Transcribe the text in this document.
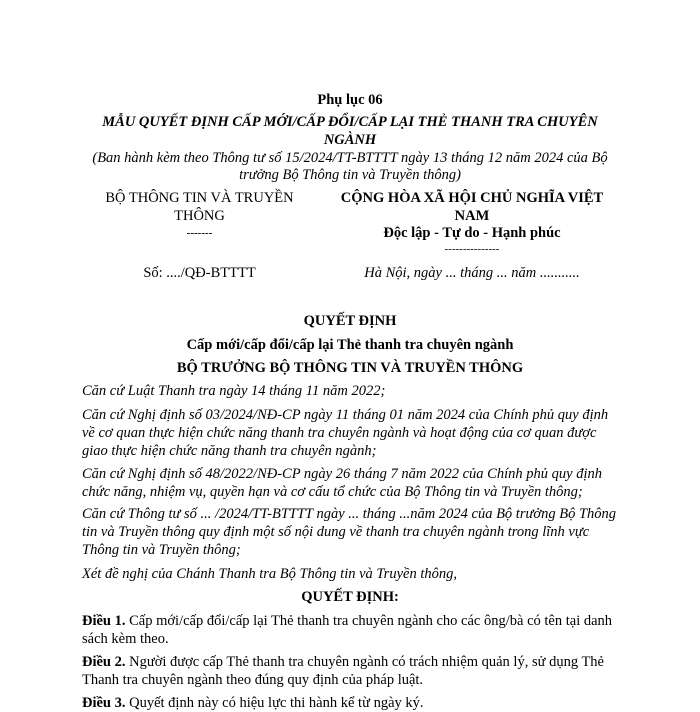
Phụ lục 06
MẪU QUYẾT ĐỊNH CẤP MỚI/CẤP ĐỔI/CẤP LẠI THẺ THANH TRA CHUYÊN
NGÀNH
(Ban hành kèm theo Thông tư số 15/2024/TT-BTTTT ngày 13 tháng 12 năm 2024 của Bộ
trưởng Bộ Thông tin và Truyền thông)
BỘ THÔNG TIN VÀ TRUYỀN
THÔNG
-------
CỘNG HÒA XÃ HỘI CHỦ NGHĨA VIỆT
NAM
Độc lập - Tự do - Hạnh phúc
---------------
Số: ..../QĐ-BTTTT	Hà Nội, ngày ... tháng ... năm ...........
QUYẾT ĐỊNH
Cấp mới/cấp đổi/cấp lại Thẻ thanh tra chuyên ngành
BỘ TRƯỞNG BỘ THÔNG TIN VÀ TRUYỀN THÔNG
Căn cứ Luật Thanh tra ngày 14 tháng 11 năm 2022;
Căn cứ Nghị định số 03/2024/NĐ-CP ngày 11 tháng 01 năm 2024 của Chính phủ quy định về cơ quan thực hiện chức năng thanh tra chuyên ngành và hoạt động của cơ quan được giao thực hiện chức năng thanh tra chuyên ngành;
Căn cứ Nghị định số 48/2022/NĐ-CP ngày 26 tháng 7 năm 2022 của Chính phủ quy định chức năng, nhiệm vụ, quyền hạn và cơ cấu tổ chức của Bộ Thông tin và Truyền thông;
Căn cứ Thông tư số ... /2024/TT-BTTTT ngày ... tháng ...năm 2024 của Bộ trưởng Bộ Thông tin và Truyền thông quy định một số nội dung về thanh tra chuyên ngành trong lĩnh vực Thông tin và Truyền thông;
Xét đề nghị của Chánh Thanh tra Bộ Thông tin và Truyền thông,
QUYẾT ĐỊNH:
Điều 1. Cấp mới/cấp đổi/cấp lại Thẻ thanh tra chuyên ngành cho các ông/bà có tên tại danh sách kèm theo.
Điều 2. Người được cấp Thẻ thanh tra chuyên ngành có trách nhiệm quản lý, sử dụng Thẻ Thanh tra chuyên ngành theo đúng quy định của pháp luật.
Điều 3. Quyết định này có hiệu lực thi hành kể từ ngày ký.
